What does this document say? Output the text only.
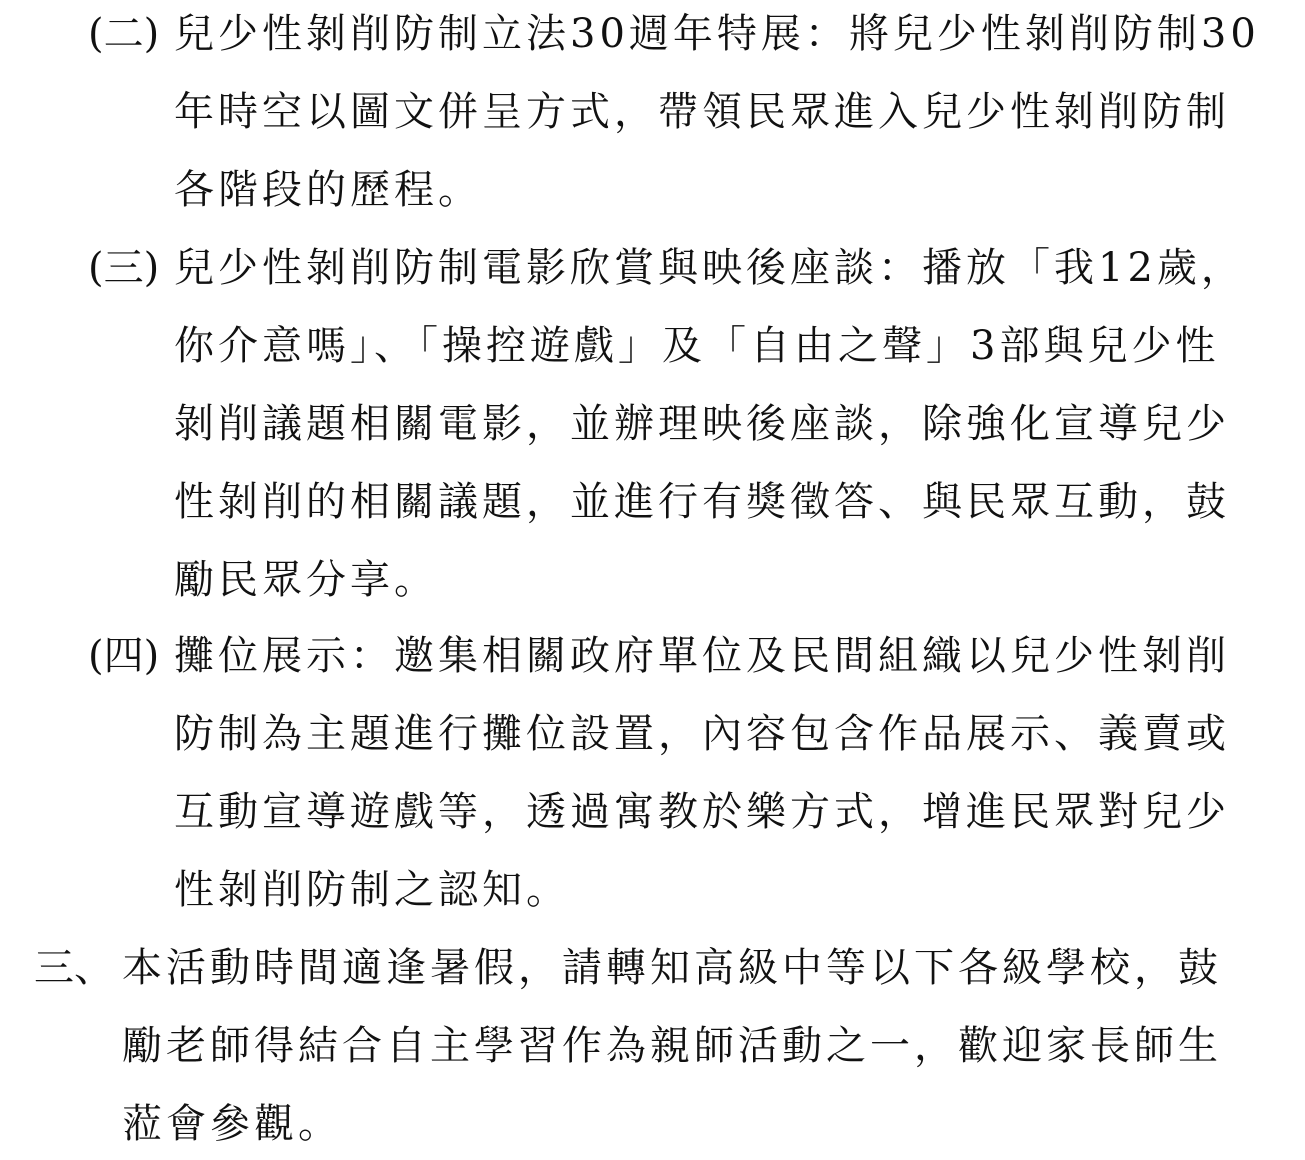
(二) 兒少性剝削防制立法30週年特展：將兒少性剝削防制30
年時空以圖文併呈方式，帶領民眾進入兒少性剝削防制
各階段的歷程。
(三) 兒少性剝削防制電影欣賞與映後座談：播放「我12歲，
你介意嗎」、「操控遊戲」及「自由之聲」3部與兒少性
剝削議題相關電影，並辦理映後座談，除強化宣導兒少
性剝削的相關議題，並進行有獎徵答、與民眾互動，鼓
勵民眾分享。
(四) 攤位展示：邀集相關政府單位及民間組織以兒少性剝削
防制為主題進行攤位設置，內容包含作品展示、義賣或
互動宣導遊戲等，透過寓教於樂方式，增進民眾對兒少
性剝削防制之認知。
三、 本活動時間適逢暑假，請轉知高級中等以下各級學校，鼓
勵老師得結合自主學習作為親師活動之一，歡迎家長師生
蒞會參觀。
